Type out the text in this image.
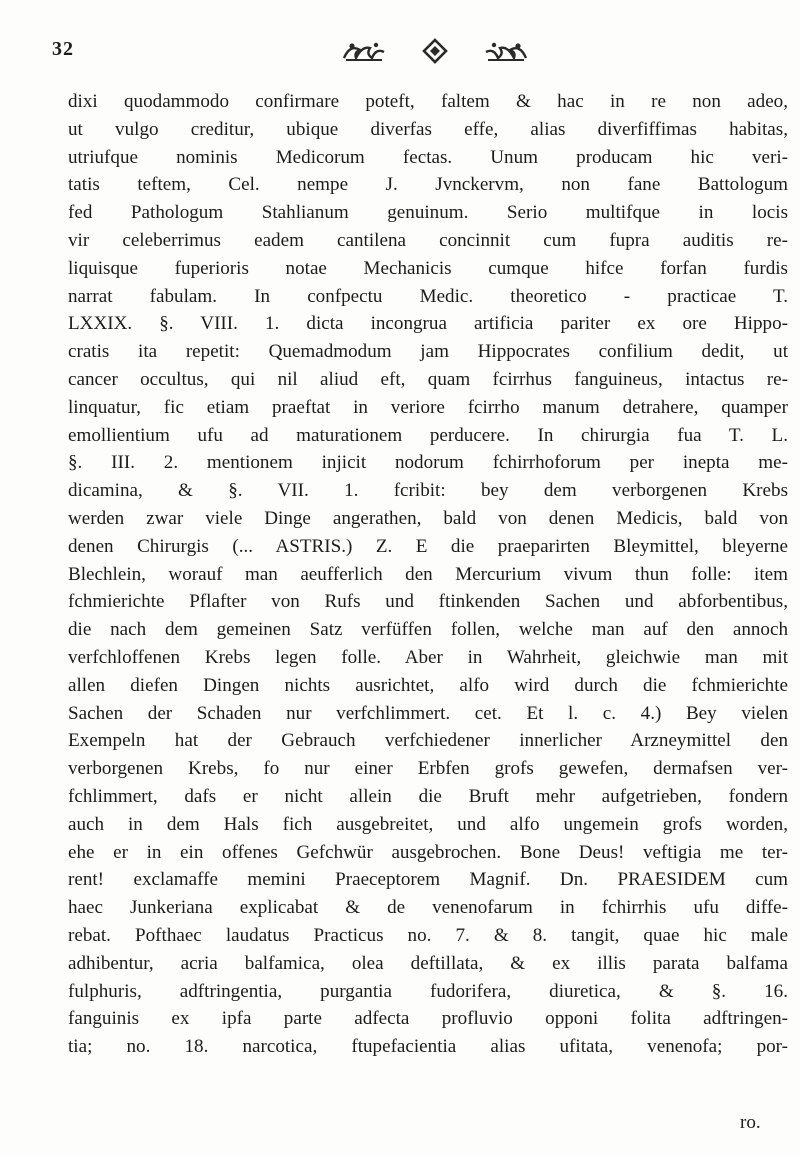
32
dixi quodammodo confirmare poteft, faltem & hac in re non adeo,
ut vulgo creditur, ubique diverfas effe, alias diverfiffimas habitas,
utriufque nominis Medicorum fectas. Unum producam hic veri-
tatis teftem, Cel. nempe J. Jvnckervm, non fane Battologum
fed Pathologum Stahlianum genuinum. Serio multifque in locis
vir celeberrimus eadem cantilena concinnit cum fupra auditis re-
liquisque fuperioris notae Mechanicis cumque hifce forfan furdis
narrat fabulam. In confpectu Medic. theoretico - practicae T.
LXXIX. §. VIII. 1. dicta incongrua artificia pariter ex ore Hippo-
cratis ita repetit: Quemadmodum jam Hippocrates confilium dedit, ut
cancer occultus, qui nil aliud eft, quam fcirrhus fanguineus, intactus re-
linquatur, fic etiam praeftat in veriore fcirrho manum detrahere, quamper
emollientium ufu ad maturationem perducere. In chirurgia fua T. L.
§. III. 2. mentionem injicit nodorum fchirrhoforum per inepta me-
dicamina, & §. VII. 1. fcribit: bey dem verborgenen Krebs
werden zwar viele Dinge angerathen, bald von denen Medicis, bald von
denen Chirurgis (... ASTRIS.) Z. E die praeparirten Bleymittel, bleyerne
Blechlein, worauf man aeufferlich den Mercurium vivum thun folle: item
fchmierichte Pflafter von Rufs und ftinkenden Sachen und abforbentibus,
die nach dem gemeinen Satz verfüffen follen, welche man auf den annoch
verfchloffenen Krebs legen folle. Aber in Wahrheit, gleichwie man mit
allen diefen Dingen nichts ausrichtet, alfo wird durch die fchmierichte
Sachen der Schaden nur verfchlimmert. cet. Et l. c. 4.) Bey vielen
Exempeln hat der Gebrauch verfchiedener innerlicher Arzneymittel den
verborgenen Krebs, fo nur einer Erbfen grofs gewefen, dermafsen ver-
fchlimmert, dafs er nicht allein die Bruft mehr aufgetrieben, fondern
auch in dem Hals fich ausgebreitet, und alfo ungemein grofs worden,
ehe er in ein offenes Gefchwür ausgebrochen. Bone Deus! veftigia me ter-
rent! exclamaffe memini Praeceptorem Magnif. Dn. PRAESIDEM cum
haec Junkeriana explicabat & de venenofarum in fchirrhis ufu diffe-
rebat. Pofthaec laudatus Practicus no. 7. & 8. tangit, quae hic male
adhibentur, acria balfamica, olea deftillata, & ex illis parata balfama
fulphuris, adftringentia, purgantia fudorifera, diuretica, & §. 16.
fanguinis ex ipfa parte adfecta profluvio opponi folita adftringen-
tia; no. 18. narcotica, ftupefacientia alias ufitata, venenofa; por-
ro.
